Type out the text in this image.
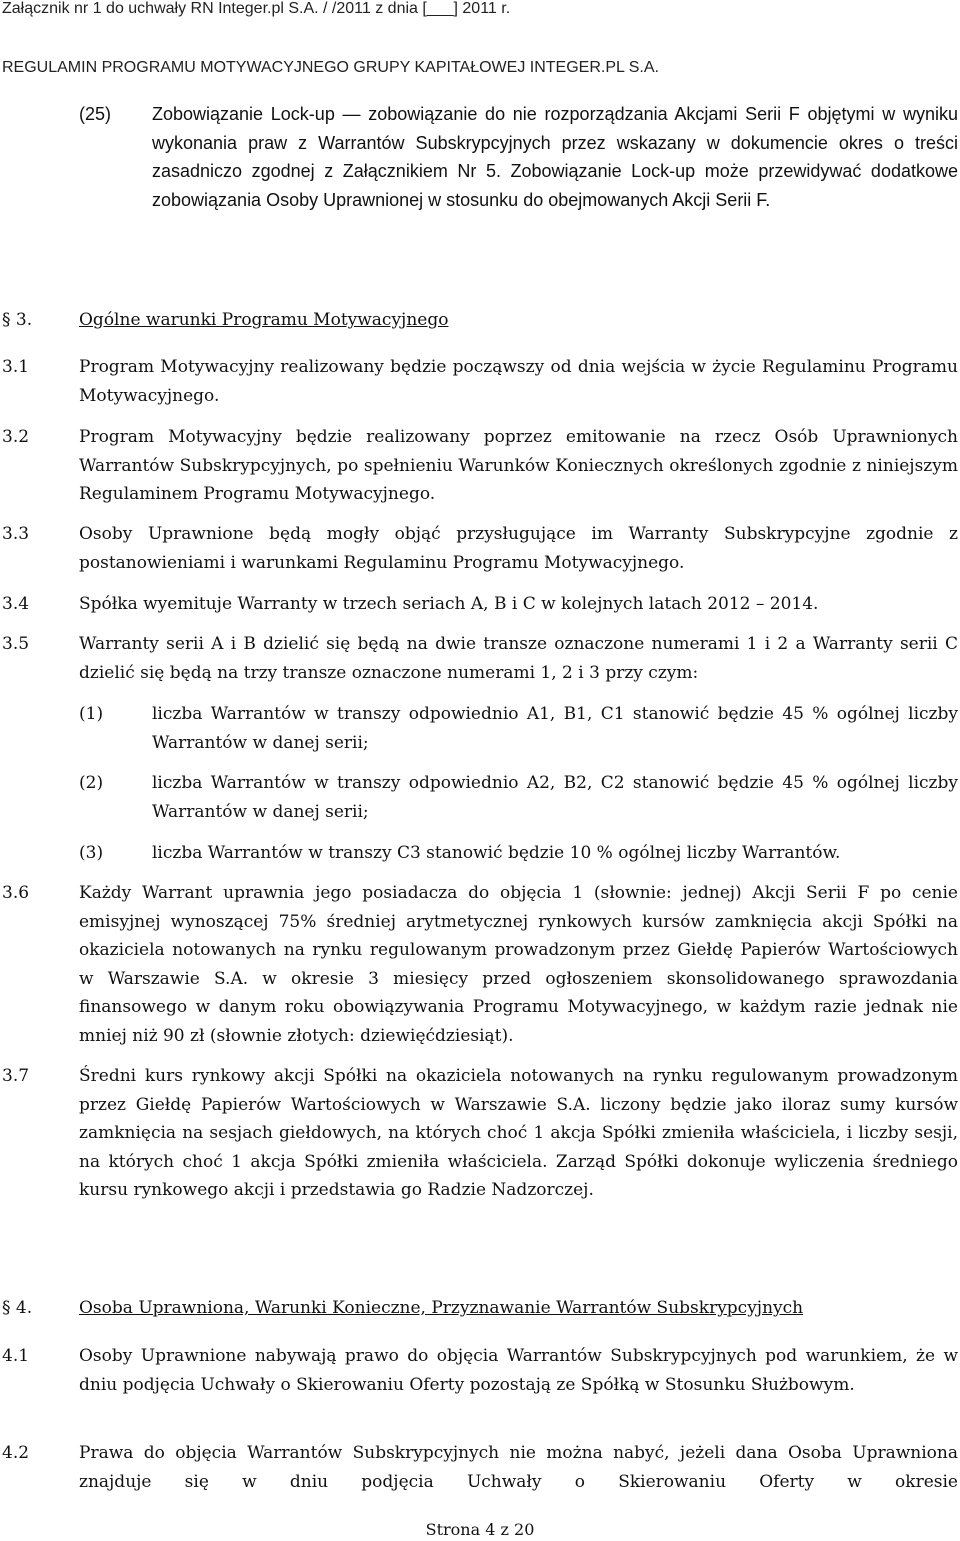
Załącznik nr 1 do uchwały RN Integer.pl S.A. / /2011 z dnia [___] 2011 r.
REGULAMIN PROGRAMU MOTYWACYJNEGO GRUPY KAPITAŁOWEJ INTEGER.PL S.A.
(25) Zobowiązanie Lock-up — zobowiązanie do nie rozporządzania Akcjami Serii F objętymi w wyniku wykonania praw z Warrantów Subskrypcyjnych przez wskazany w dokumencie okres o treści zasadniczo zgodnej z Załącznikiem Nr 5. Zobowiązanie Lock-up może przewidywać dodatkowe zobowiązania Osoby Uprawnionej w stosunku do obejmowanych Akcji Serii F.

§ 3.	Ogólne warunki Programu Motywacyjnego
3.1	Program Motywacyjny realizowany będzie począwszy od dnia wejścia w życie Regulaminu Programu Motywacyjnego.

3.2	Program Motywacyjny będzie realizowany poprzez emitowanie na rzecz Osób Uprawnionych Warrantów Subskrypcyjnych, po spełnieniu Warunków Koniecznych określonych zgodnie z niniejszym Regulaminem Programu Motywacyjnego.

3.3	Osoby Uprawnione będą mogły objąć przysługujące im Warranty Subskrypcyjne zgodnie z postanowieniami i warunkami Regulaminu Programu Motywacyjnego.

3.4	Spółka wyemituje Warranty w trzech seriach A, B i C w kolejnych latach 2012 – 2014.

3.5	Warranty serii A i B dzielić się będą na dwie transze oznaczone numerami 1 i 2 a Warranty serii C dzielić się będą na trzy transze oznaczone numerami 1, 2 i 3 przy czym:

(1)	liczba Warrantów w transzy odpowiednio A1, B1, C1 stanowić będzie 45 % ogólnej liczby Warrantów w danej serii;

(2)	liczba Warrantów w transzy odpowiednio A2, B2, C2 stanowić będzie 45 % ogólnej liczby Warrantów w danej serii;

(3)	liczba Warrantów w transzy C3 stanowić będzie 10 % ogólnej liczby Warrantów.

3.6	Każdy Warrant uprawnia jego posiadacza do objęcia 1 (słownie: jednej) Akcji Serii F po cenie emisyjnej wynoszącej 75% średniej arytmetycznej rynkowych kursów zamknięcia akcji Spółki na okaziciela notowanych na rynku regulowanym prowadzonym przez Giełdę Papierów Wartościowych w Warszawie S.A. w okresie 3 miesięcy przed ogłoszeniem skonsolidowanego sprawozdania finansowego w danym roku obowiązywania Programu Motywacyjnego, w każdym razie jednak nie mniej niż 90 zł (słownie złotych: dziewięćdziesiąt).

3.7	Średni kurs rynkowy akcji Spółki na okaziciela notowanych na rynku regulowanym prowadzonym przez Giełdę Papierów Wartościowych w Warszawie S.A. liczony będzie jako iloraz sumy kursów zamknięcia na sesjach giełdowych, na których choć 1 akcja Spółki zmieniła właściciela, i liczby sesji, na których choć 1 akcja Spółki zmieniła właściciela. Zarząd Spółki dokonuje wyliczenia średniego kursu rynkowego akcji i przedstawia go Radzie Nadzorczej.

§ 4.	Osoba Uprawniona, Warunki Konieczne, Przyznawanie Warrantów Subskrypcyjnych
4.1	Osoby Uprawnione nabywają prawo do objęcia Warrantów Subskrypcyjnych pod warunkiem, że w dniu podjęcia Uchwały o Skierowaniu Oferty pozostają ze Spółką w Stosunku Służbowym.

4.2	Prawa do objęcia Warrantów Subskrypcyjnych nie można nabyć, jeżeli dana Osoba Uprawniona znajduje się w dniu podjęcia Uchwały o Skierowaniu Oferty w okresie

Strona 4 z 20
